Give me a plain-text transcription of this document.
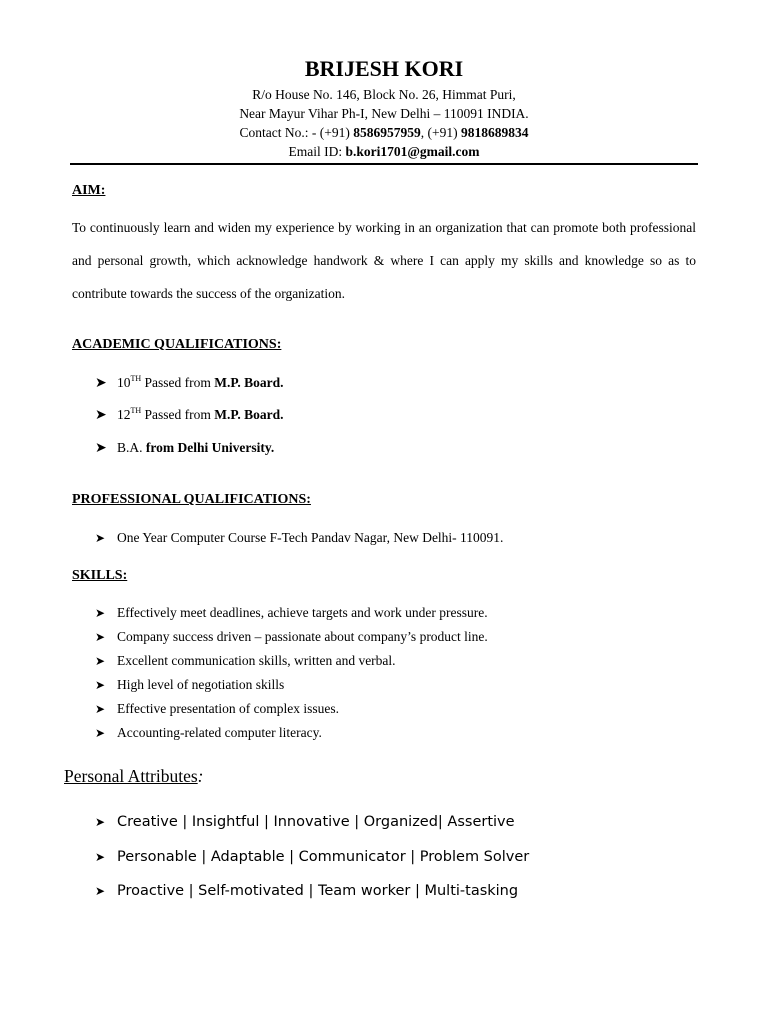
BRIJESH KORI
R/o House No. 146, Block No. 26, Himmat Puri,
Near Mayur Vihar Ph-I, New Delhi – 110091 INDIA.
Contact No.: - (+91) 8586957959, (+91) 9818689834
Email ID: b.kori1701@gmail.com
AIM:
To continuously learn and widen my experience by working in an organization that can promote both professional and personal growth, which acknowledge handwork & where I can apply my skills and knowledge so as to contribute towards the success of the organization.
ACADEMIC QUALIFICATIONS:
➤ 10TH Passed from M.P. Board.
➤ 12TH Passed from M.P. Board.
➤ B.A. from Delhi University.
PROFESSIONAL QUALIFICATIONS:
➤ One Year Computer Course F-Tech Pandav Nagar, New Delhi- 110091.
SKILLS:
➤ Effectively meet deadlines, achieve targets and work under pressure.
➤ Company success driven – passionate about company’s product line.
➤ Excellent communication skills, written and verbal.
➤ High level of negotiation skills
➤ Effective presentation of complex issues.
➤ Accounting-related computer literacy.
Personal Attributes:
➤ Creative | Insightful | Innovative | Organized| Assertive
➤ Personable | Adaptable | Communicator | Problem Solver
➤ Proactive | Self-motivated | Team worker | Multi-tasking
